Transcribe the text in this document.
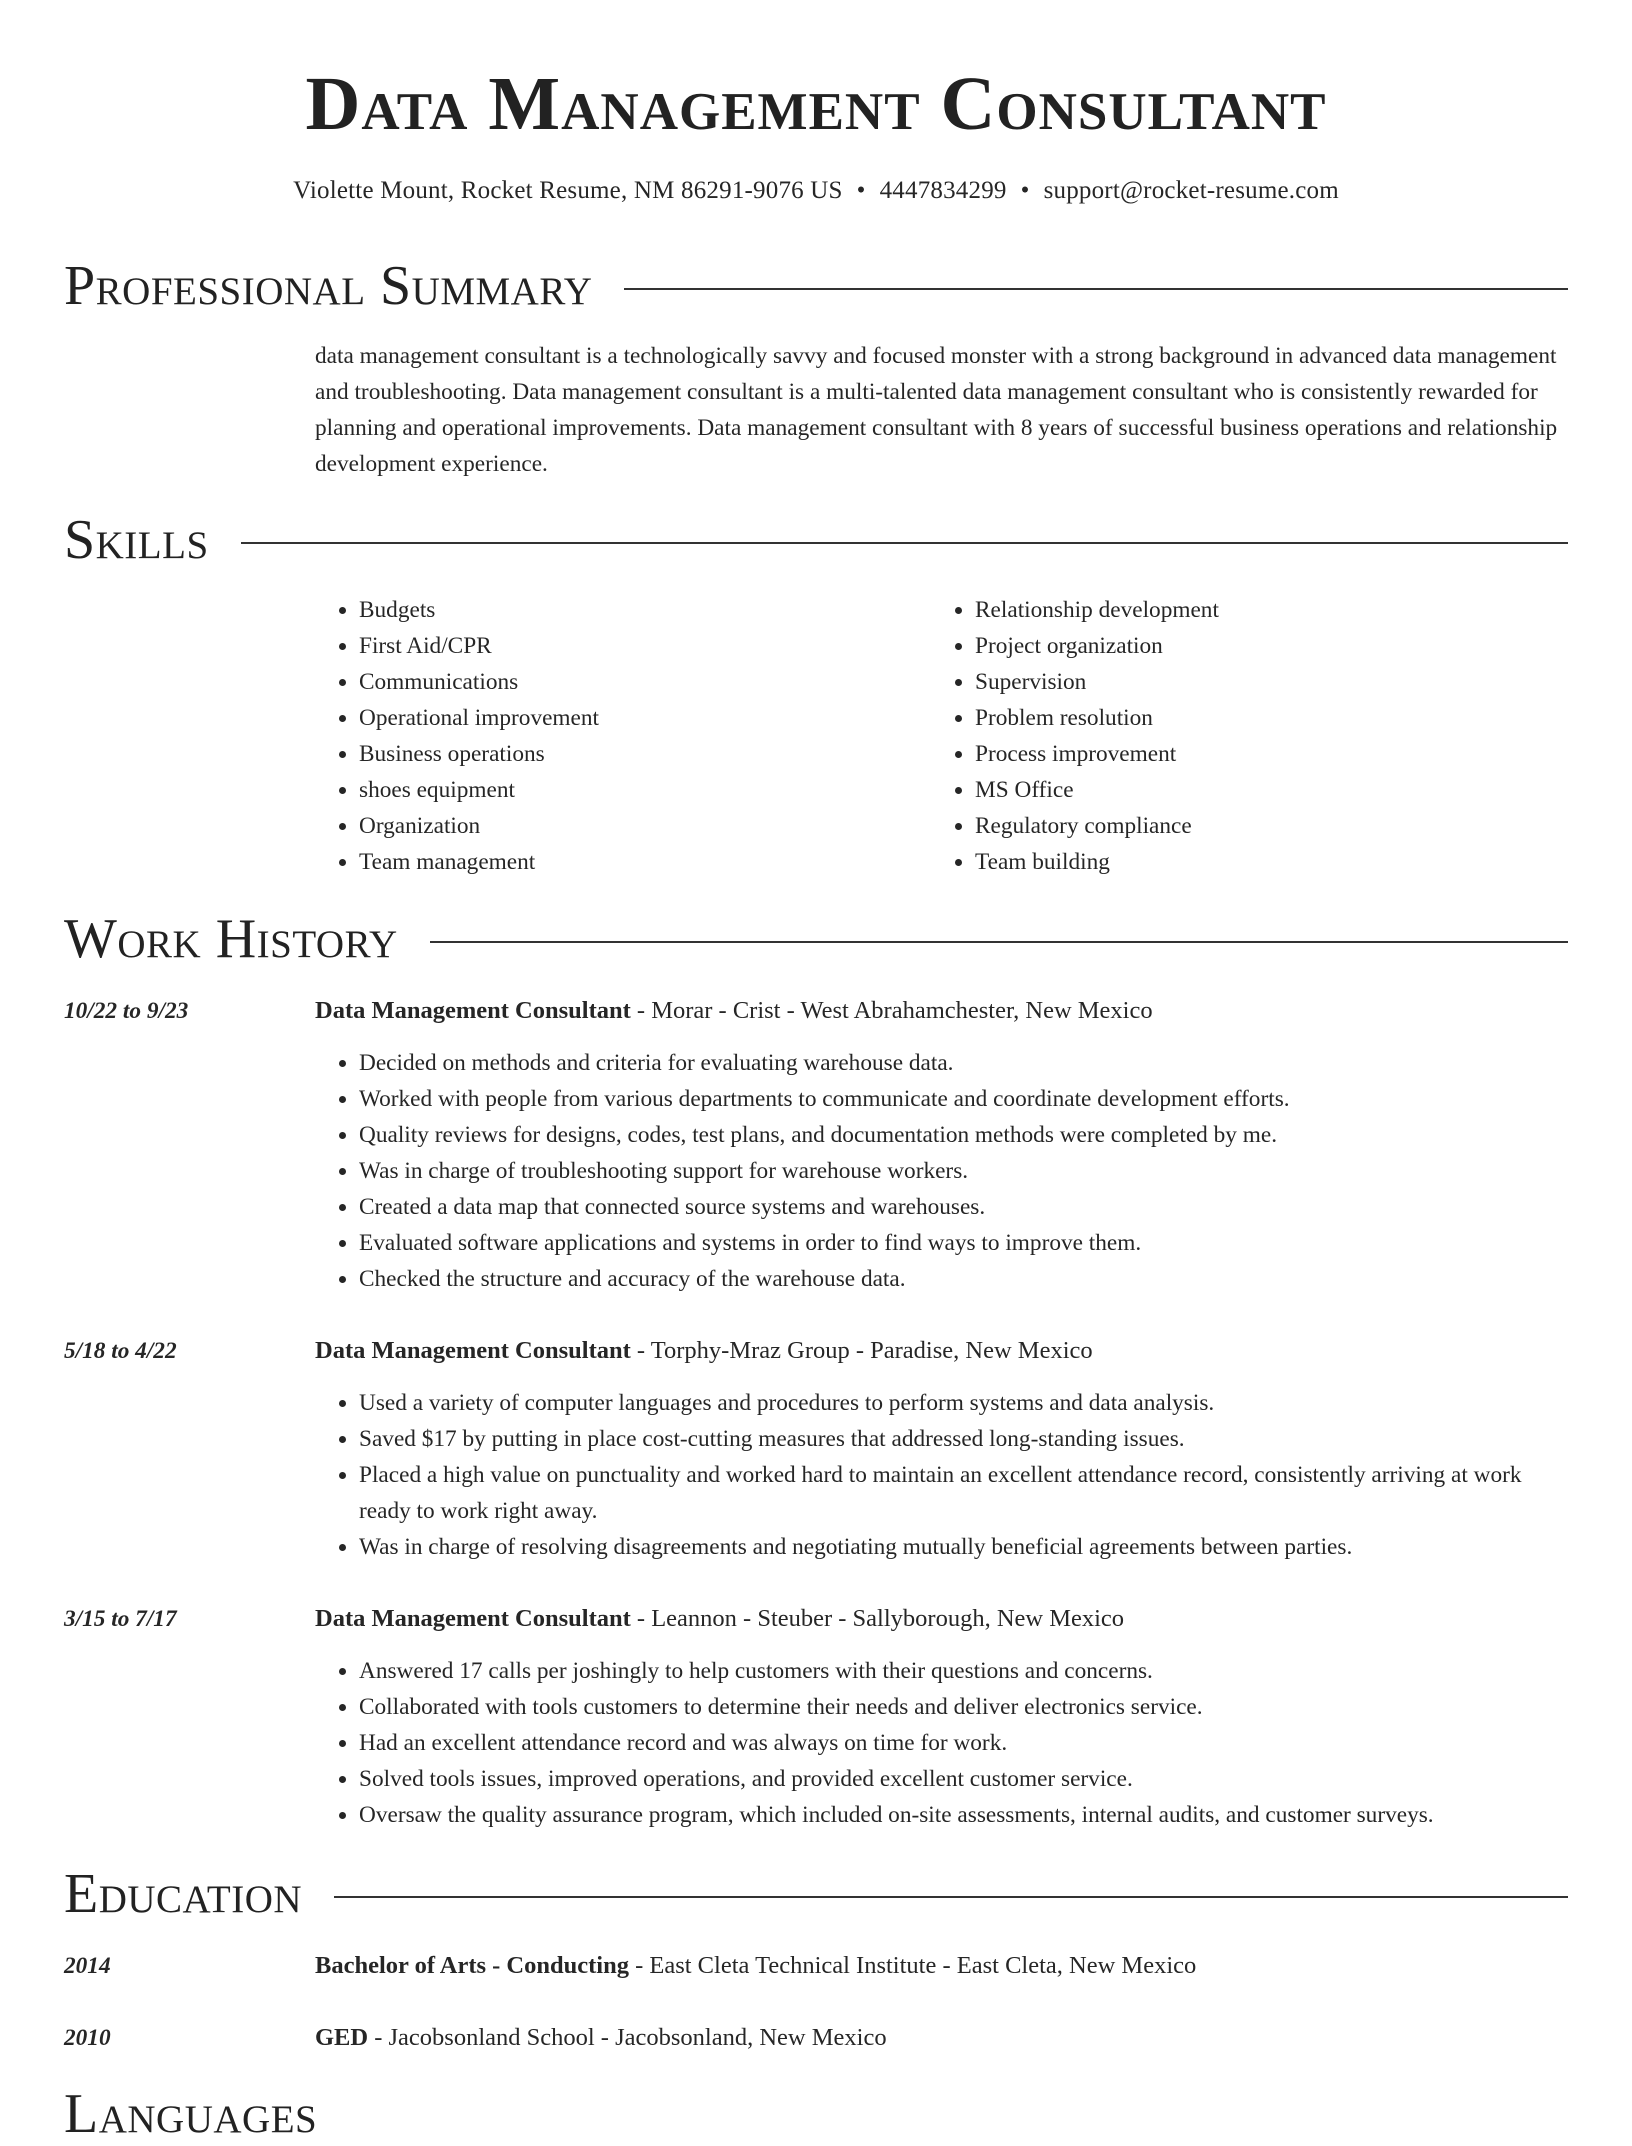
Data Management Consultant
Violette Mount, Rocket Resume, NM 86291-9076 US • 4447834299 • support@rocket-resume.com
Professional Summary

data management consultant is a technologically savvy and focused monster with a strong background in advanced data management and troubleshooting. Data management consultant is a multi-talented data management consultant who is consistently rewarded for planning and operational improvements. Data management consultant with 8 years of successful business operations and relationship development experience.

Skills
• Budgets
• First Aid/CPR
• Communications
• Operational improvement
• Business operations
• shoes equipment
• Organization
• Team management
• Relationship development
• Project organization
• Supervision
• Problem resolution
• Process improvement
• MS Office
• Regulatory compliance
• Team building
Work History
10/22 to 9/23	Data Management Consultant - Morar - Crist - West Abrahamchester, New Mexico
• Decided on methods and criteria for evaluating warehouse data.
• Worked with people from various departments to communicate and coordinate development efforts.
• Quality reviews for designs, codes, test plans, and documentation methods were completed by me.
• Was in charge of troubleshooting support for warehouse workers.
• Created a data map that connected source systems and warehouses.
• Evaluated software applications and systems in order to find ways to improve them.
• Checked the structure and accuracy of the warehouse data.
5/18 to 4/22	Data Management Consultant - Torphy-Mraz Group - Paradise, New Mexico
• Used a variety of computer languages and procedures to perform systems and data analysis.
• Saved $17 by putting in place cost-cutting measures that addressed long-standing issues.
• Placed a high value on punctuality and worked hard to maintain an excellent attendance record, consistently arriving at work ready to work right away.
• Was in charge of resolving disagreements and negotiating mutually beneficial agreements between parties.
3/15 to 7/17	Data Management Consultant - Leannon - Steuber - Sallyborough, New Mexico
• Answered 17 calls per joshingly to help customers with their questions and concerns.
• Collaborated with tools customers to determine their needs and deliver electronics service.
• Had an excellent attendance record and was always on time for work.
• Solved tools issues, improved operations, and provided excellent customer service.
• Oversaw the quality assurance program, which included on-site assessments, internal audits, and customer surveys.
Education
2014	Bachelor of Arts - Conducting - East Cleta Technical Institute - East Cleta, New Mexico
2010	GED - Jacobsonland School - Jacobsonland, New Mexico
Languages
